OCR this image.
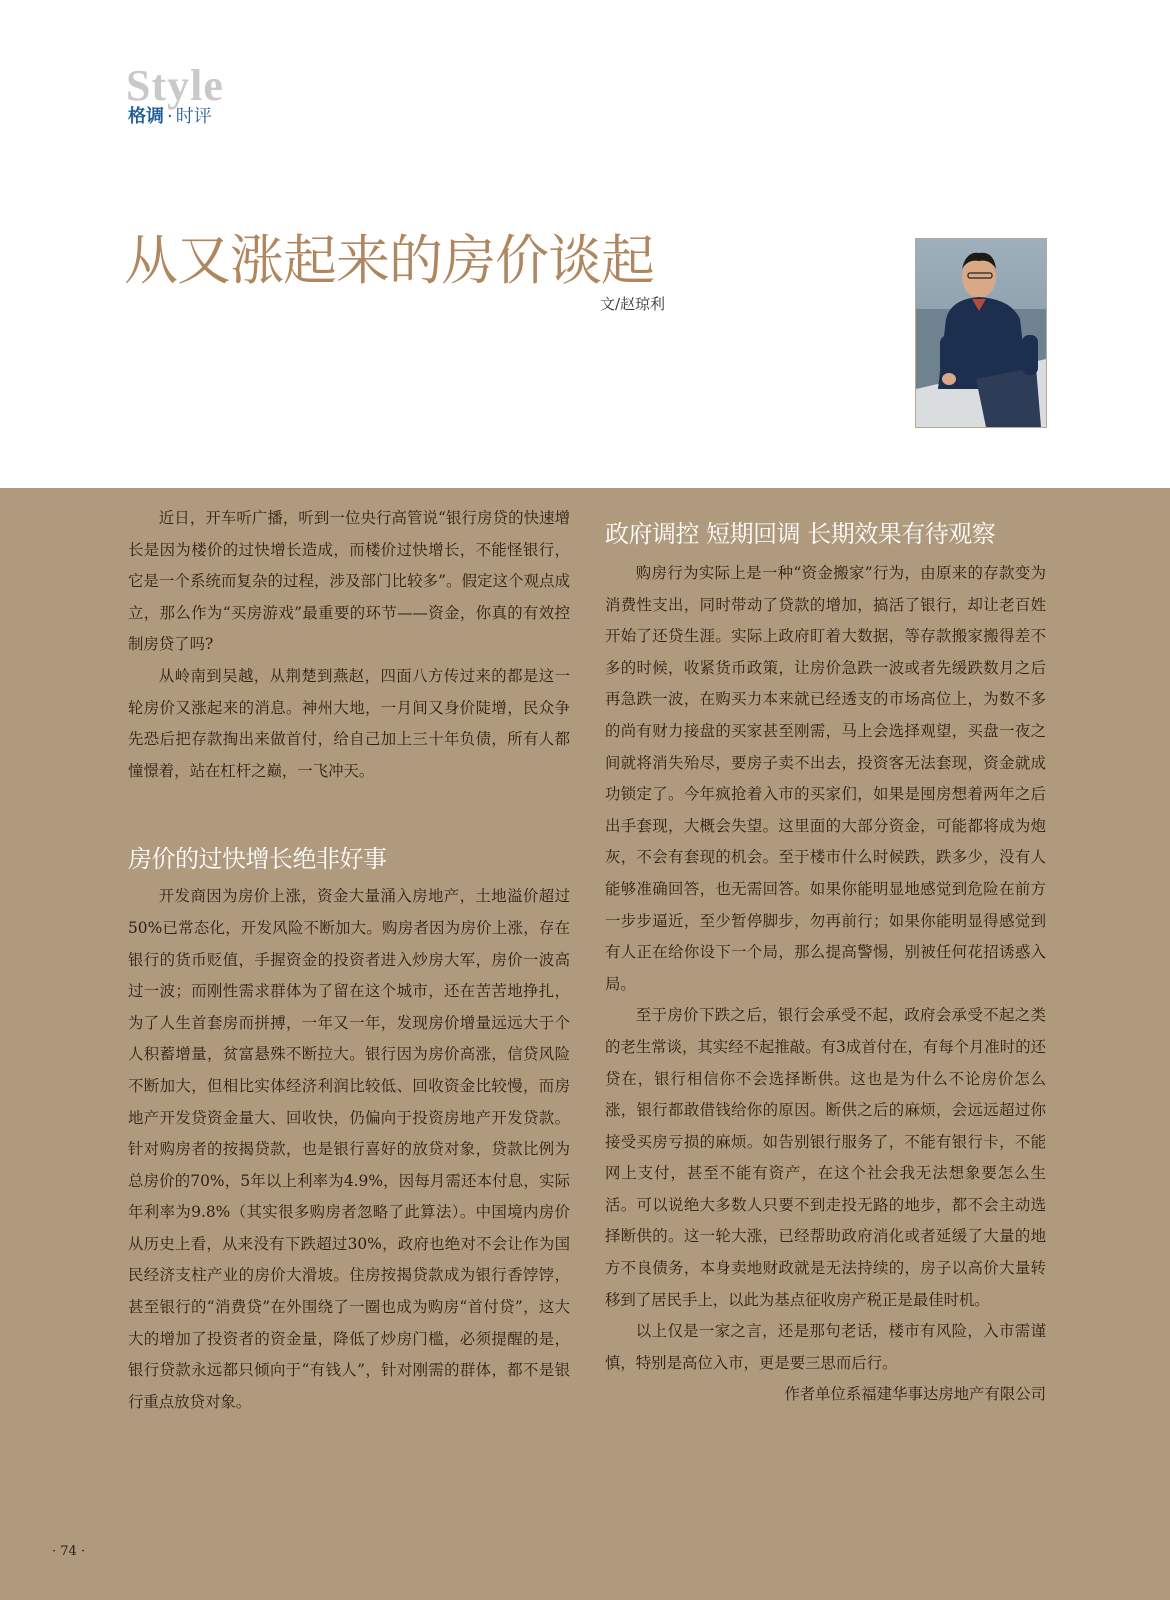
Style
格调 · 时评
从又涨起来的房价谈起
文/赵琼利

近日，开车听广播，听到一位央行高管说“银行房贷的快速增长是因为楼价的过快增长造成，而楼价过快增长，不能怪银行，它是一个系统而复杂的过程，涉及部门比较多”。假定这个观点成立，那么作为“买房游戏”最重要的环节——资金，你真的有效控制房贷了吗?

从岭南到吴越，从荆楚到燕赵，四面八方传过来的都是这一轮房价又涨起来的消息。神州大地，一月间又身价陡增，民众争先恐后把存款掏出来做首付，给自己加上三十年负债，所有人都憧憬着，站在杠杆之巅，一飞冲天。

房价的过快增长绝非好事

开发商因为房价上涨，资金大量涌入房地产，土地溢价超过50%已常态化，开发风险不断加大。购房者因为房价上涨，存在银行的货币贬值，手握资金的投资者进入炒房大军，房价一波高过一波；而刚性需求群体为了留在这个城市，还在苦苦地挣扎，为了人生首套房而拼搏，一年又一年，发现房价增量远远大于个人积蓄增量，贫富悬殊不断拉大。银行因为房价高涨，信贷风险不断加大，但相比实体经济利润比较低、回收资金比较慢，而房地产开发贷资金量大、回收快，仍偏向于投资房地产开发贷款。针对购房者的按揭贷款，也是银行喜好的放贷对象，贷款比例为总房价的70%，5年以上利率为4.9%，因每月需还本付息，实际年利率为9.8%（其实很多购房者忽略了此算法）。中国境内房价从历史上看，从来没有下跌超过30%，政府也绝对不会让作为国民经济支柱产业的房价大滑坡。住房按揭贷款成为银行香饽饽，甚至银行的“消费贷”在外围绕了一圈也成为购房“首付贷”，这大大的增加了投资者的资金量，降低了炒房门槛，必须提醒的是，银行贷款永远都只倾向于“有钱人”，针对刚需的群体，都不是银行重点放贷对象。

政府调控 短期回调 长期效果有待观察

购房行为实际上是一种“资金搬家”行为，由原来的存款变为消费性支出，同时带动了贷款的增加，搞活了银行，却让老百姓开始了还贷生涯。实际上政府盯着大数据，等存款搬家搬得差不多的时候，收紧货币政策，让房价急跌一波或者先缓跌数月之后再急跌一波，在购买力本来就已经透支的市场高位上，为数不多的尚有财力接盘的买家甚至刚需，马上会选择观望，买盘一夜之间就将消失殆尽，要房子卖不出去，投资客无法套现，资金就成功锁定了。今年疯抢着入市的买家们，如果是囤房想着两年之后出手套现，大概会失望。这里面的大部分资金，可能都将成为炮灰，不会有套现的机会。至于楼市什么时候跌，跌多少，没有人能够准确回答，也无需回答。如果你能明显地感觉到危险在前方一步步逼近，至少暂停脚步，勿再前行；如果你能明显得感觉到有人正在给你设下一个局，那么提高警惕，别被任何花招诱惑入局。

至于房价下跌之后，银行会承受不起，政府会承受不起之类的老生常谈，其实经不起推敲。有3成首付在，有每个月准时的还贷在，银行相信你不会选择断供。这也是为什么不论房价怎么涨，银行都敢借钱给你的原因。断供之后的麻烦，会远远超过你接受买房亏损的麻烦。如告别银行服务了，不能有银行卡，不能网上支付，甚至不能有资产，在这个社会我无法想象要怎么生活。可以说绝大多数人只要不到走投无路的地步，都不会主动选择断供的。这一轮大涨，已经帮助政府消化或者延缓了大量的地方不良债务，本身卖地财政就是无法持续的，房子以高价大量转移到了居民手上，以此为基点征收房产税正是最佳时机。

以上仅是一家之言，还是那句老话，楼市有风险，入市需谨慎，特别是高位入市，更是要三思而后行。

作者单位系福建华事达房地产有限公司

· 74 ·
